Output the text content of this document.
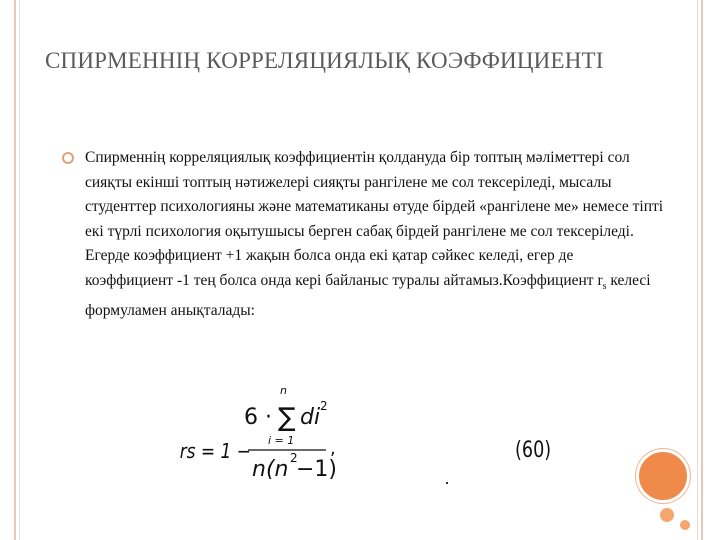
СПИРМЕННІҢ КОРРЕЛЯЦИЯЛЫҚ КОЭФФИЦИЕНТІ
Спирменнің корреляциялық коэффициентін қолдануда бір топтың мәліметтері сол сияқты екінші топтың нәтижелері сияқты рангілене ме сол тексеріледі, мысалы студенттер психологияны және математиканы өтуде бірдей «рангілене ме» немесе тіпті екі түрлі психология оқытушысы берген сабақ бірдей рангілене ме сол тексеріледі. Егерде коэффициент +1 жақын болса онда екі қатар сәйкес келеді, егер де коэффициент -1 тең болса онда кері байланыс туралы айтамыз.Коэффициент $r_s$ келесі формуламен анықталады:
rs = 1 −
6 ·
n
∑
i = 1
di 2
n(n 2
−1)
,	(60)
